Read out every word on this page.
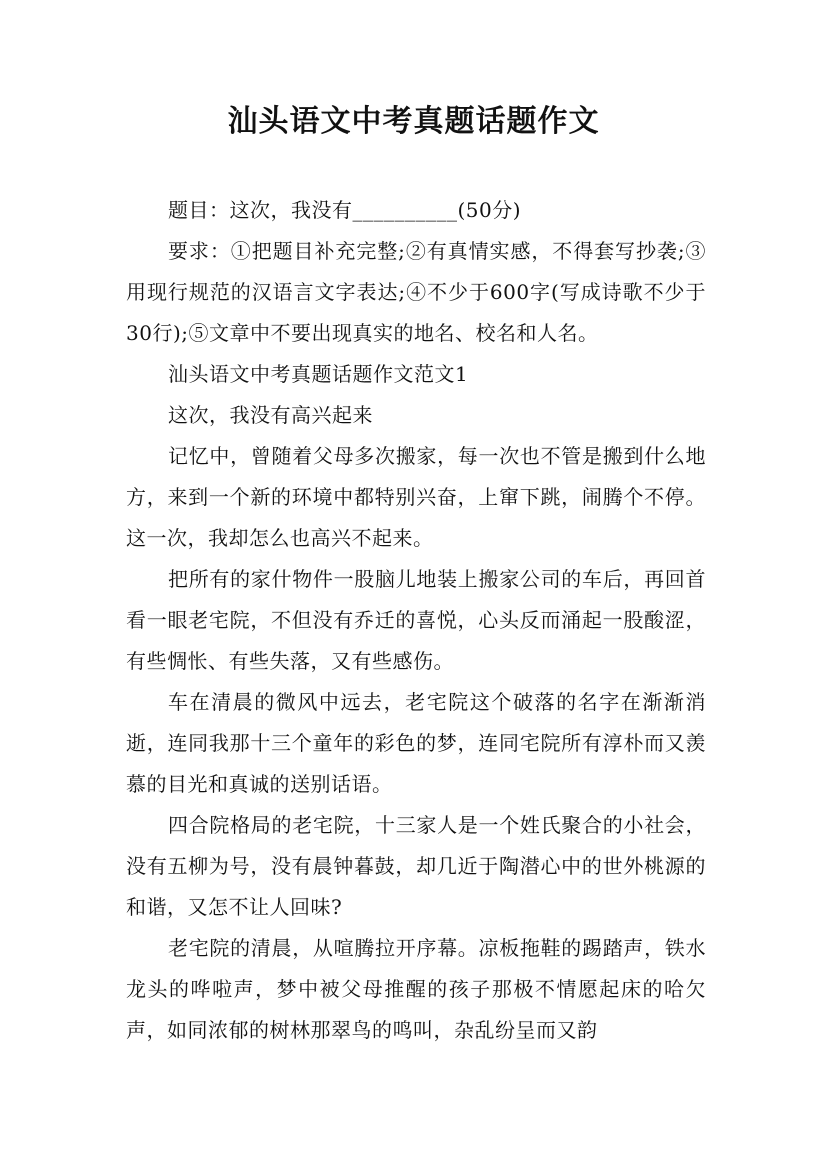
汕头语文中考真题话题作文

题目：这次，我没有__________(50分)

要求：①把题目补充完整;②有真情实感，不得套写抄袭;③用现行规范的汉语言文字表达;④不少于600字(写成诗歌不少于30行);⑤文章中不要出现真实的地名、校名和人名。

汕头语文中考真题话题作文范文1

这次，我没有高兴起来

记忆中，曾随着父母多次搬家，每一次也不管是搬到什么地方，来到一个新的环境中都特别兴奋，上窜下跳，闹腾个不停。这一次，我却怎么也高兴不起来。

把所有的家什物件一股脑儿地装上搬家公司的车后，再回首看一眼老宅院，不但没有乔迁的喜悦，心头反而涌起一股酸涩，有些惆怅、有些失落，又有些感伤。

车在清晨的微风中远去，老宅院这个破落的名字在渐渐消逝，连同我那十三个童年的彩色的梦，连同宅院所有淳朴而又羡慕的目光和真诚的送别话语。

四合院格局的老宅院，十三家人是一个姓氏聚合的小社会，没有五柳为号，没有晨钟暮鼓，却几近于陶潜心中的世外桃源的和谐，又怎不让人回味?

老宅院的清晨，从喧腾拉开序幕。凉板拖鞋的踢踏声，铁水龙头的哗啦声，梦中被父母推醒的孩子那极不情愿起床的哈欠声，如同浓郁的树林那翠鸟的鸣叫，杂乱纷呈而又韵
